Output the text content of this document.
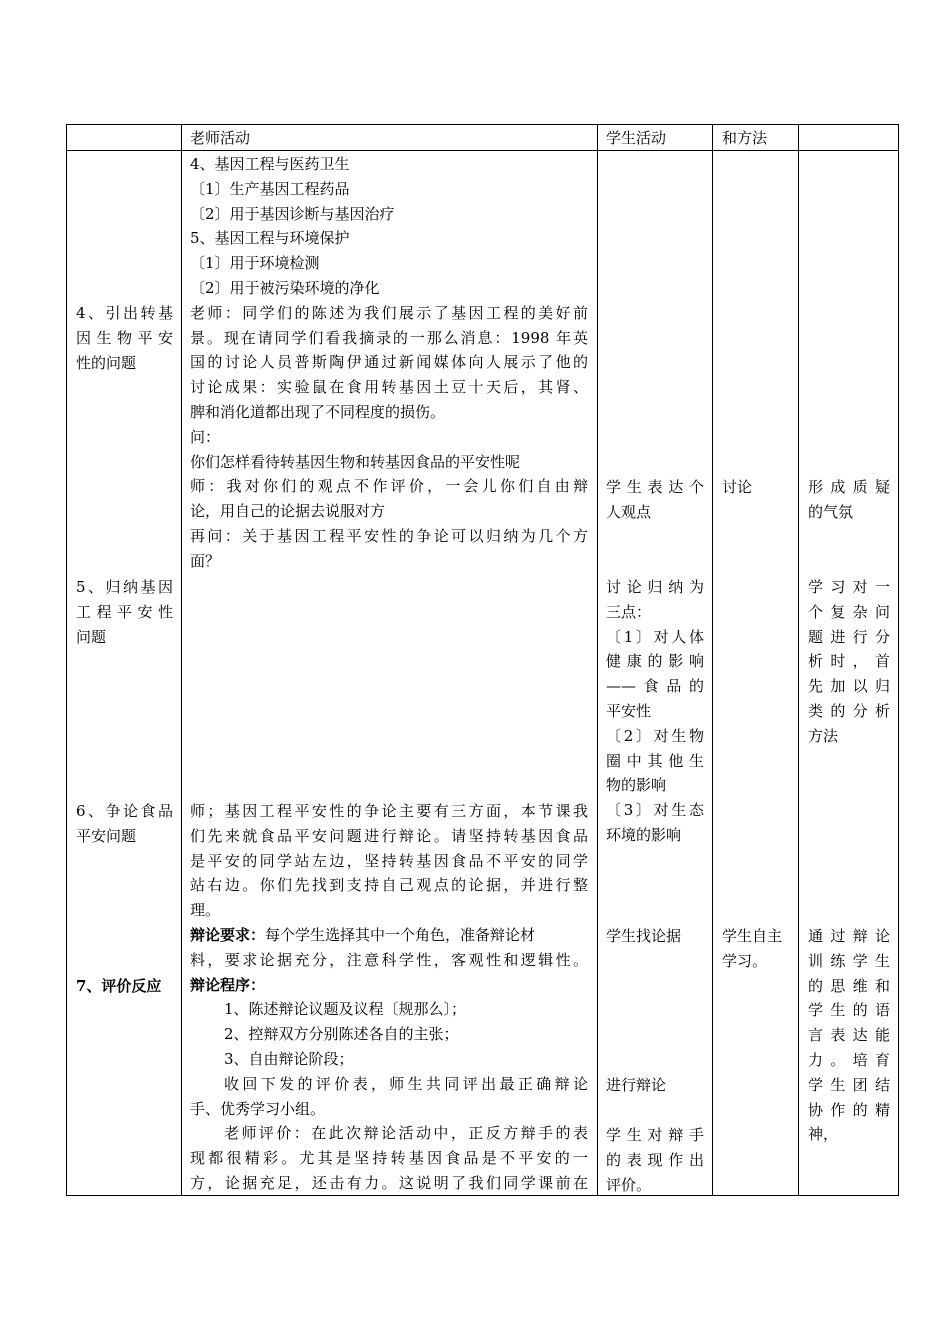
老师活动	学生活动	和方法
4、引出转基
因生物平安
性的问题
5、归纳基因
工程平安性
问题
6、争论食品
平安问题
7、评价反应
4、基因工程与医药卫生
〔1〕生产基因工程药品
〔2〕用于基因诊断与基因治疗
5、基因工程与环境保护
〔1〕用于环境检测
〔2〕用于被污染环境的净化
老师：同学们的陈述为我们展示了基因工程的美好前
景。现在请同学们看我摘录的一那么消息：1998 年英
国的讨论人员普斯陶伊通过新闻媒体向人展示了他的
讨论成果：实验鼠在食用转基因土豆十天后，其肾、
脾和消化道都出现了不同程度的损伤。
问：
你们怎样看待转基因生物和转基因食品的平安性呢
师：我对你们的观点不作评价，一会儿你们自由辩
论，用自己的论据去说服对方
再问：关于基因工程平安性的争论可以归纳为几个方
面？
师；基因工程平安性的争论主要有三方面，本节课我
们先来就食品平安问题进行辩论。请坚持转基因食品
是平安的同学站左边，坚持转基因食品不平安的同学
站右边。你们先找到支持自己观点的论据，并进行整
理。
辩论要求：每个学生选择其中一个角色，准备辩论材
料，要求论据充分，注意科学性，客观性和逻辑性。
辩论程序：
1、陈述辩论议题及议程〔规那么〕；
2、控辩双方分别陈述各自的主张；
3、自由辩论阶段；
收回下发的评价表，师生共同评出最正确辩论
手、优秀学习小组。
老师评价：在此次辩论活动中，正反方辩手的表
现都很精彩。尤其是坚持转基因食品是不平安的一
方，论据充足，还击有力。这说明了我们同学课前在
学生表达个
人观点
讨论归纳为
三点：
〔1〕对人体
健康的影响
——食品的
平安性
〔2〕对生物
圈中其他生
物的影响
〔3〕对生态
环境的影响
学生找论据
进行辩论
学生对辩手
的表现作出
评价。
讨论
学生自主
学习。
形成质疑
的气氛
学习对一
个复杂问
题进行分
析时，首
先加以归
类的分析
方法
通过辩论
训练学生
的思维和
学生的语
言表达能
力。培育
学生团结
协作的精
神，
